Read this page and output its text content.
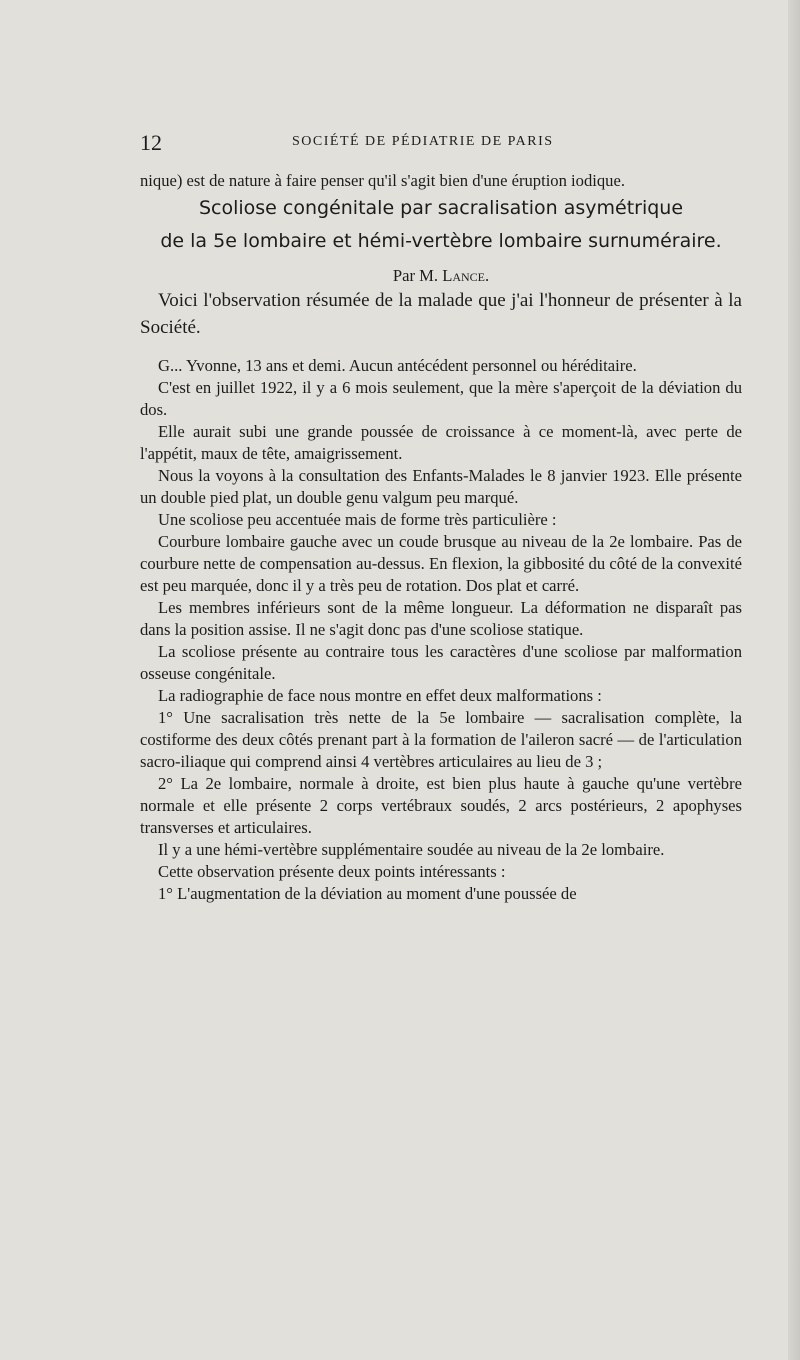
12	SOCIÉTÉ DE PÉDIATRIE DE PARIS

nique) est de nature à faire penser qu'il s'agit bien d'une éruption iodique.

Scoliose congénitale par sacralisation asymétrique
de la 5e lombaire et hémi-vertèbre lombaire surnuméraire.

Par M. Lance.

Voici l'observation résumée de la malade que j'ai l'honneur de présenter à la Société.

G... Yvonne, 13 ans et demi. Aucun antécédent personnel ou héréditaire.

C'est en juillet 1922, il y a 6 mois seulement, que la mère s'aperçoit de la déviation du dos.

Elle aurait subi une grande poussée de croissance à ce moment-là, avec perte de l'appétit, maux de tête, amaigrissement.

Nous la voyons à la consultation des Enfants-Malades le 8 janvier 1923. Elle présente un double pied plat, un double genu valgum peu marqué.

Une scoliose peu accentuée mais de forme très particulière :

Courbure lombaire gauche avec un coude brusque au niveau de la 2e lombaire. Pas de courbure nette de compensation au-dessus. En flexion, la gibbosité du côté de la convexité est peu marquée, donc il y a très peu de rotation. Dos plat et carré.

Les membres inférieurs sont de la même longueur. La déformation ne disparaît pas dans la position assise. Il ne s'agit donc pas d'une scoliose statique.

La scoliose présente au contraire tous les caractères d'une scoliose par malformation osseuse congénitale.

La radiographie de face nous montre en effet deux malformations :

1° Une sacralisation très nette de la 5e lombaire — sacralisation complète, la costiforme des deux côtés prenant part à la formation de l'aileron sacré — de l'articulation sacro-iliaque qui comprend ainsi 4 vertèbres articulaires au lieu de 3 ;

2° La 2e lombaire, normale à droite, est bien plus haute à gauche qu'une vertèbre normale et elle présente 2 corps vertébraux soudés, 2 arcs postérieurs, 2 apophyses transverses et articulaires.

Il y a une hémi-vertèbre supplémentaire soudée au niveau de la 2e lombaire.

Cette observation présente deux points intéressants :

1° L'augmentation de la déviation au moment d'une poussée de
